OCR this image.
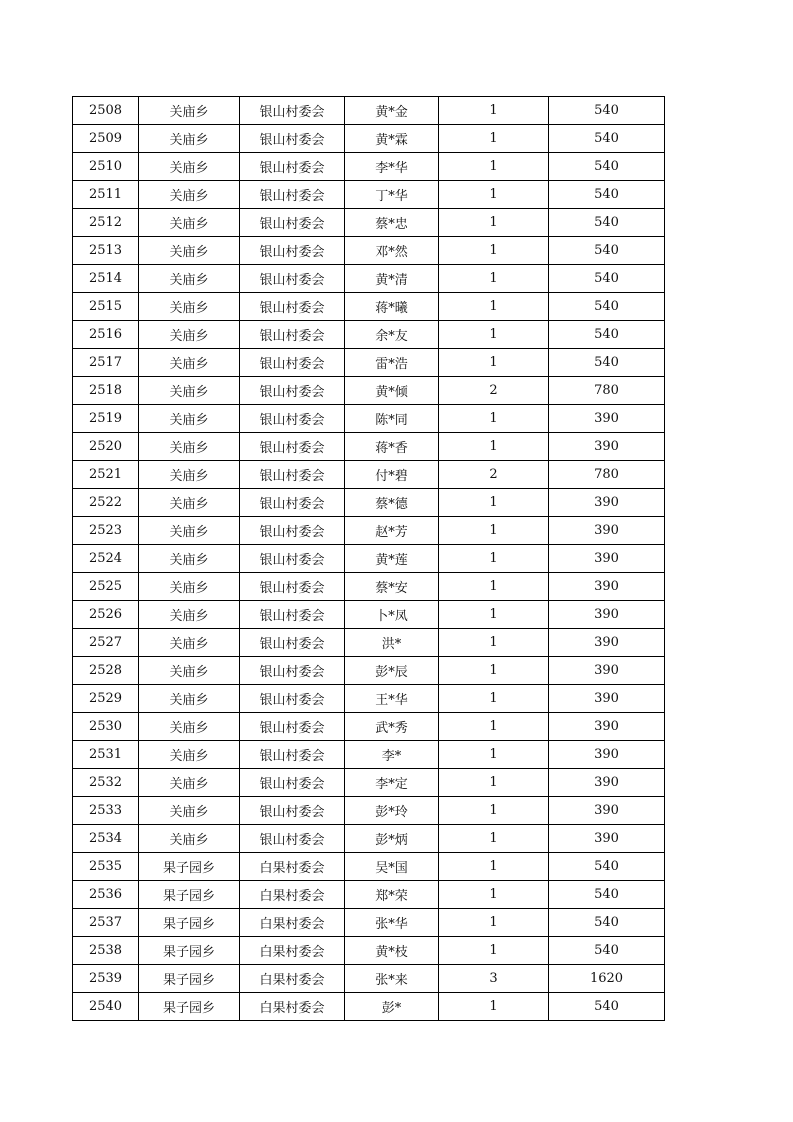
2508	关庙乡	银山村委会	黄*金	1	540
2509	关庙乡	银山村委会	黄*霖	1	540
2510	关庙乡	银山村委会	李*华	1	540
2511	关庙乡	银山村委会	丁*华	1	540
2512	关庙乡	银山村委会	蔡*忠	1	540
2513	关庙乡	银山村委会	邓*然	1	540
2514	关庙乡	银山村委会	黄*清	1	540
2515	关庙乡	银山村委会	蒋*曦	1	540
2516	关庙乡	银山村委会	余*友	1	540
2517	关庙乡	银山村委会	雷*浩	1	540
2518	关庙乡	银山村委会	黄*倾	2	780
2519	关庙乡	银山村委会	陈*同	1	390
2520	关庙乡	银山村委会	蒋*香	1	390
2521	关庙乡	银山村委会	付*碧	2	780
2522	关庙乡	银山村委会	蔡*德	1	390
2523	关庙乡	银山村委会	赵*芳	1	390
2524	关庙乡	银山村委会	黄*莲	1	390
2525	关庙乡	银山村委会	蔡*安	1	390
2526	关庙乡	银山村委会	卜*凤	1	390
2527	关庙乡	银山村委会	洪*	1	390
2528	关庙乡	银山村委会	彭*辰	1	390
2529	关庙乡	银山村委会	王*华	1	390
2530	关庙乡	银山村委会	武*秀	1	390
2531	关庙乡	银山村委会	李*	1	390
2532	关庙乡	银山村委会	李*定	1	390
2533	关庙乡	银山村委会	彭*玲	1	390
2534	关庙乡	银山村委会	彭*炳	1	390
2535	果子园乡	白果村委会	吴*国	1	540
2536	果子园乡	白果村委会	郑*荣	1	540
2537	果子园乡	白果村委会	张*华	1	540
2538	果子园乡	白果村委会	黄*枝	1	540
2539	果子园乡	白果村委会	张*来	3	1620
2540	果子园乡	白果村委会	彭*	1	540
